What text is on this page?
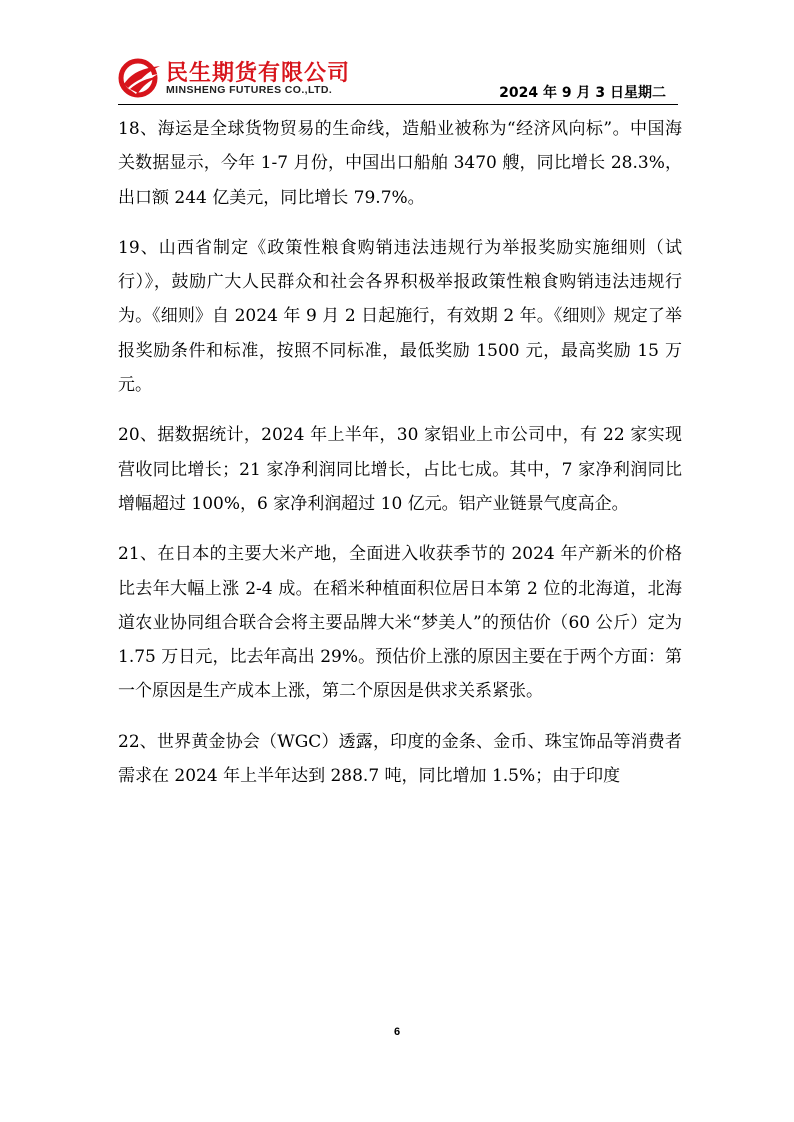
民生期货有限公司
MINSHENG FUTURES CO.,LTD.	2024 年 9 月 3 日星期二

18、海运是全球货物贸易的生命线，造船业被称为“经济风向标”。中国海关数据显示，今年 1-7 月份，中国出口船舶 3470 艘，同比增长 28.3%，出口额 244 亿美元，同比增长 79.7%。

19、山西省制定《政策性粮食购销违法违规行为举报奖励实施细则（试行）》，鼓励广大人民群众和社会各界积极举报政策性粮食购销违法违规行为。《细则》自 2024 年 9 月 2 日起施行，有效期 2 年。《细则》规定了举报奖励条件和标准，按照不同标准，最低奖励 1500 元，最高奖励 15 万元。

20、据数据统计，2024 年上半年，30 家铝业上市公司中，有 22 家实现营收同比增长；21 家净利润同比增长，占比七成。其中，7 家净利润同比增幅超过 100%，6 家净利润超过 10 亿元。铝产业链景气度高企。

21、在日本的主要大米产地，全面进入收获季节的 2024 年产新米的价格比去年大幅上涨 2-4 成。在稻米种植面积位居日本第 2 位的北海道，北海道农业协同组合联合会将主要品牌大米“梦美人”的预估价（60 公斤）定为 1.75 万日元，比去年高出 29%。预估价上涨的原因主要在于两个方面：第一个原因是生产成本上涨，第二个原因是供求关系紧张。

22、世界黄金协会（WGC）透露，印度的金条、金币、珠宝饰品等消费者需求在 2024 年上半年达到 288.7 吨，同比增加 1.5%；由于印度

6
